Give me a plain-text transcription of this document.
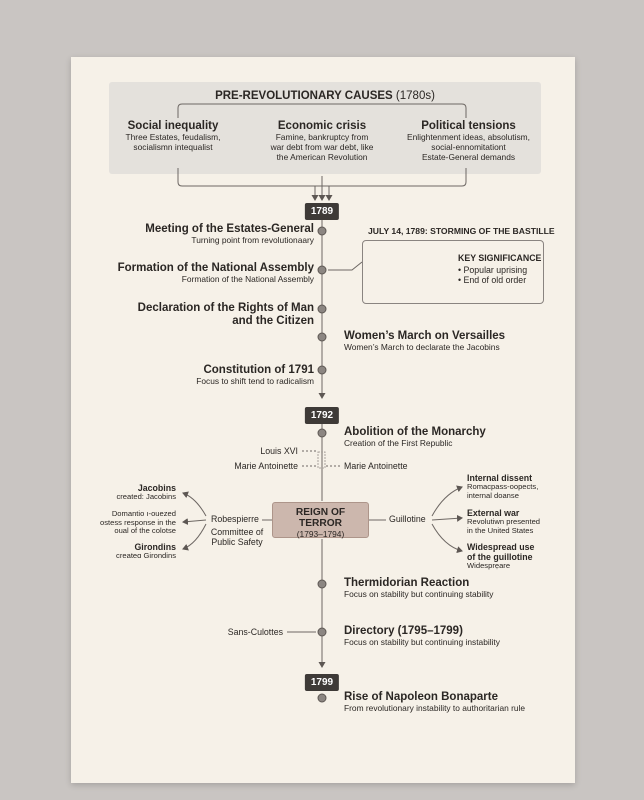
PRE-REVOLUTIONARY CAUSES (1780s)
Social inequality
Three Estates, feudalism,
socialismn intequalist
Economic crisis
Famine, bankruptcy from
war debt from war debt, like
the American Revolution
Political tensions
Enlightenment ideas, absolutism,
social-ennomitationt
Estate-General demands
1789
1792
1799
Meeting of the Estates-General
Turning point from revolutionaary
Formation of the National Assembly
Formation of the National Assembly
Declaration of the Rights of Man
and the Citizen
Women’s March on Versailles
Women’s March to declarate the Jacobins
Constitution of 1791
Focus to shift tend to radicalism
JULY 14, 1789: STORMING OF THE BASTILLE
KEY SIGNIFICANCE
• Popular uprising
• End of old order
Abolition of the Monarchy
Creation of the First Republic
Louis XVI
Marie Antoinette	Marie Antoinette
REIGN OF TERROR
(1793–1794)
Robespierre
Committee of
Public Safety
Guillotine
Jacobins
created: Jacobins
Domantio ı-ouezed
ostess response in the
oual of the colotse
Girondins
createɑ Girondins
Internal dissent
Romacpass-oopects,
internal doanse
External war
Revolutiwn presented
in the United States
Widespread use
of the guillotine
Widesprẹare
Thermidorian Reaction
Focus on stability but continuing stability
Sans-Culottes	Directory (1795–1799)
Focus on stability but continuing instability
Rise of Napoleon Bonaparte
From revolutionary instability to authoritarian rule
